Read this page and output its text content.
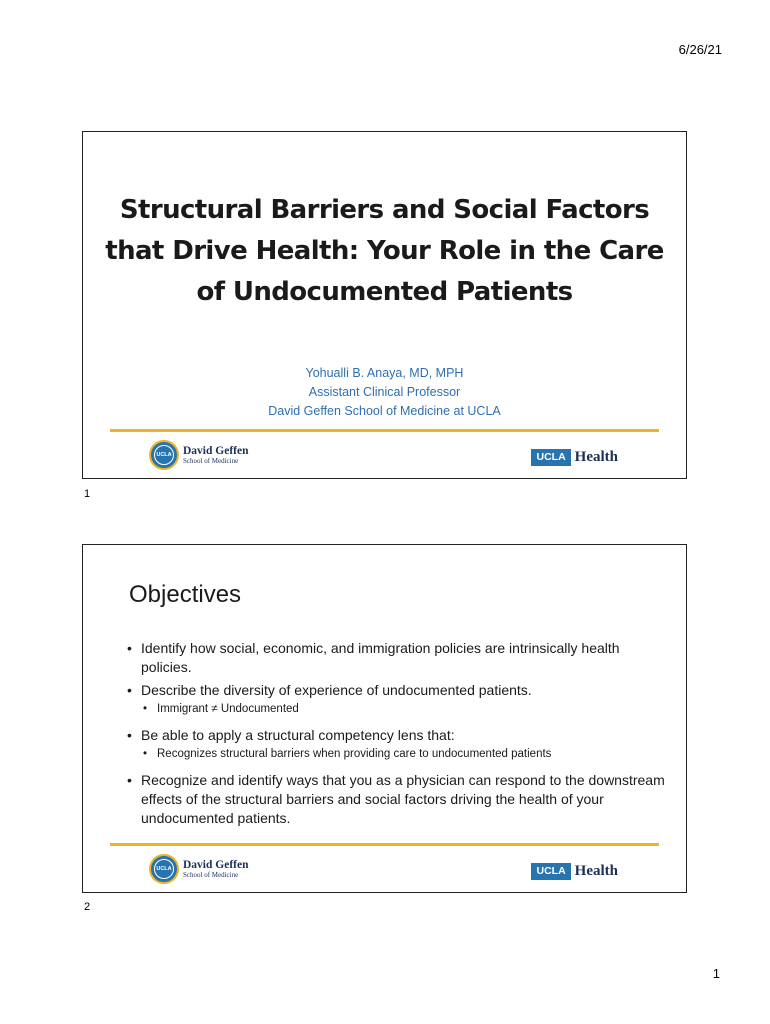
6/26/21
Structural Barriers and Social Factors that Drive Health: Your Role in the Care of Undocumented Patients
Yohualli B. Anaya, MD, MPH
Assistant Clinical Professor
David Geffen School of Medicine at UCLA
UCLA David Geffen
School of Medicine	UCLA Health
1
Objectives
• Identify how social, economic, and immigration policies are intrinsically health policies.
• Describe the diversity of experience of undocumented patients.
• Immigrant ≠ Undocumented
• Be able to apply a structural competency lens that:
• Recognizes structural barriers when providing care to undocumented patients
• Recognize and identify ways that you as a physician can respond to the downstream effects of the structural barriers and social factors driving the health of your undocumented patients.
UCLA David Geffen
School of Medicine	UCLA Health
2
1
